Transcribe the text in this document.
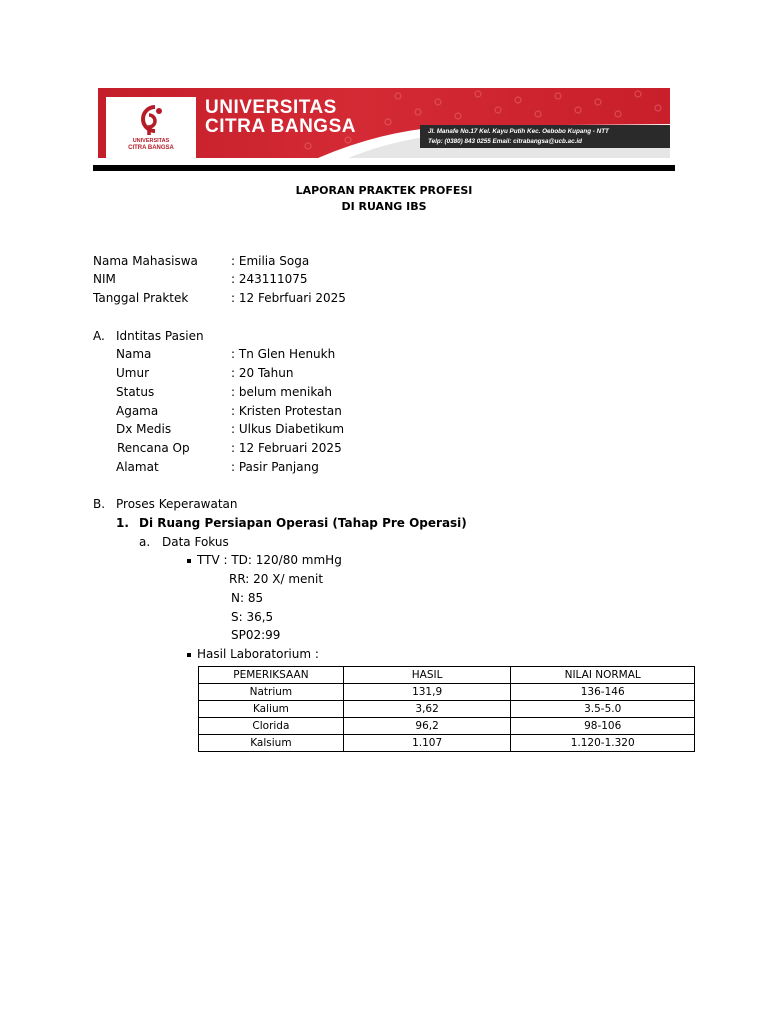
UNIVERSITAS
CITRA BANGSA
UNIVERSITAS
CITRA BANGSA	Jl. Manafe No.17 Kel. Kayu Putih Kec. Oebobo Kupang - NTT
Telp: (0380) 843 0255 Email: citrabangsa@ucb.ac.id
LAPORAN PRAKTEK PROFESI
DI RUANG IBS
Nama Mahasiswa	: Emilia Soga
NIM	: 243111075
Tanggal Praktek	: 12 Febrfuari 2025
A. Idntitas Pasien
Nama	: Tn Glen Henukh
Umur	: 20 Tahun
Status	: belum menikah
Agama	: Kristen Protestan
Dx Medis	: Ulkus Diabetikum
Rencana Op	: 12 Februari 2025
Alamat	: Pasir Panjang
B. Proses Keperawatan
1. Di Ruang Persiapan Operasi (Tahap Pre Operasi)
a. Data Fokus
TTV : TD: 120/80 mmHg
RR: 20 X/ menit
N: 85
S: 36,5
SP02:99
Hasil Laboratorium :
PEMERIKSAAN	HASIL	NILAI NORMAL
Natrium	131,9	136-146
Kalium	3,62	3.5-5.0
Clorida	96,2	98-106
Kalsium	1.107	1.120-1.320
